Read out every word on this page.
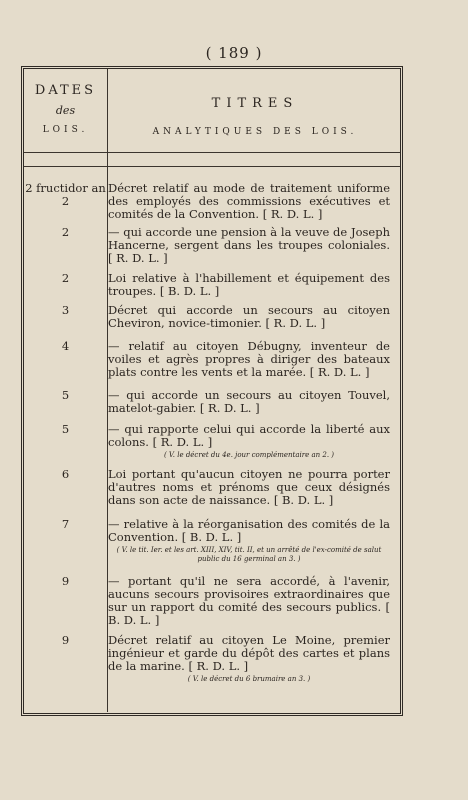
( 189 )
DATES
des
LOIS.
TITRES
ANALYTIQUES DES LOIS.
2 fructidor an 2
Décret relatif au mode de traitement uniforme des employés des commissions exécutives et comités de la Convention. [ R. D. L. ]
2	— qui accorde une pension à la veuve de Joseph Hancerne, sergent dans les troupes coloniales. [ R. D. L. ]
2	Loi relative à l'habillement et équipement des troupes. [ B. D. L. ]
3	Décret qui accorde un secours au citoyen Cheviron, novice-timonier. [ R. D. L. ]
4	— relatif au citoyen Débugny, inventeur de voiles et agrès propres à diriger des bateaux plats contre les vents et la marée. [ R. D. L. ]
5	— qui accorde un secours au citoyen Touvel, matelot-gabier. [ R. D. L. ]
5	— qui rapporte celui qui accorde la liberté aux colons. [ R. D. L. ]
( V. le décret du 4e. jour complémentaire an 2. )
6	Loi portant qu'aucun citoyen ne pourra porter d'autres noms et prénoms que ceux désignés dans son acte de naissance. [ B. D. L. ]
7	— relative à la réorganisation des comités de la Convention. [ B. D. L. ]
( V. le tit. Ier. et les art. XIII, XIV, tit. II, et un arrêté de l'ex-comité de salut public du 16 germinal an 3. )
9	— portant qu'il ne sera accordé, à l'avenir, aucuns secours provisoires extraordinaires que sur un rapport du comité des secours publics. [ B. D. L. ]
9	Décret relatif au citoyen Le Moine, premier ingénieur et garde du dépôt des cartes et plans de la marine. [ R. D. L. ]
( V. le décret du 6 brumaire an 3. )
